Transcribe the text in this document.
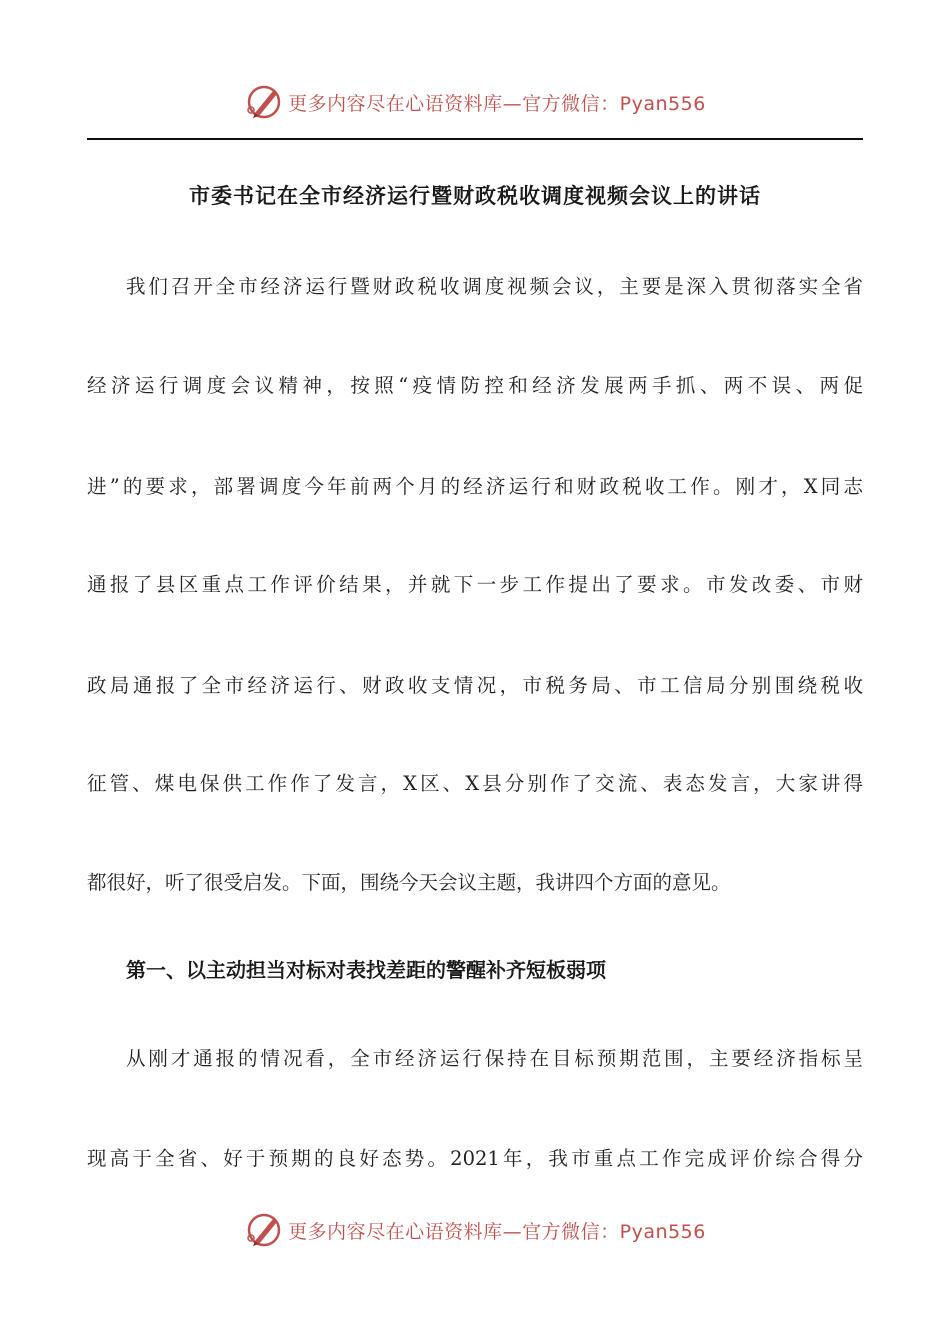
更多内容尽在心语资料库—官方微信：Pyan556
市委书记在全市经济运行暨财政税收调度视频会议上的讲话
我们召开全市经济运行暨财政税收调度视频会议，主要是深入贯彻落实全省
经济运行调度会议精神，按照“疫情防控和经济发展两手抓、两不误、两促
进”的要求，部署调度今年前两个月的经济运行和财政税收工作。刚才，X同志
通报了县区重点工作评价结果，并就下一步工作提出了要求。市发改委、市财
政局通报了全市经济运行、财政收支情况，市税务局、市工信局分别围绕税收
征管、煤电保供工作作了发言，X区、X县分别作了交流、表态发言，大家讲得
都很好，听了很受启发。下面，围绕今天会议主题，我讲四个方面的意见。
第一、以主动担当对标对表找差距的警醒补齐短板弱项
从刚才通报的情况看，全市经济运行保持在目标预期范围，主要经济指标呈
现高于全省、好于预期的良好态势。2021年，我市重点工作完成评价综合得分
更多内容尽在心语资料库—官方微信：Pyan556
